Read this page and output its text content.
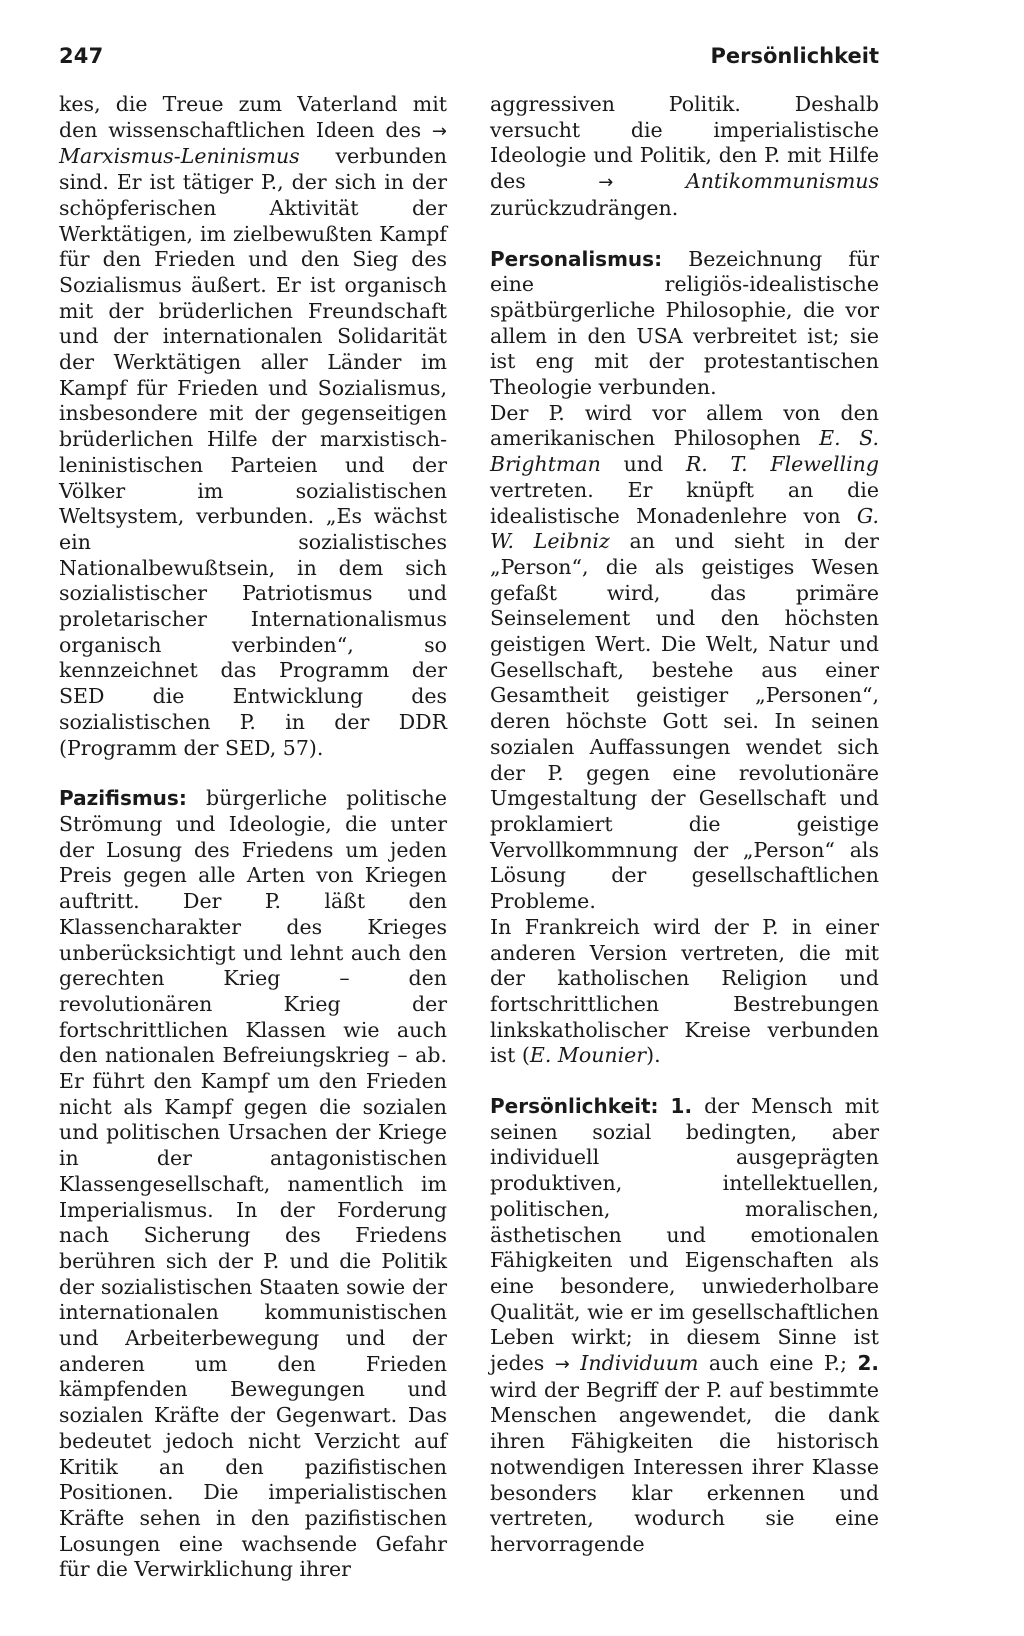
247	Persönlichkeit

kes, die Treue zum Vaterland mit den wissenschaftlichen Ideen des → Marxismus-Leninismus verbunden sind. Er ist tätiger P., der sich in der schöpferischen Aktivität der Werktätigen, im zielbewußten Kampf für den Frieden und den Sieg des Sozialismus äußert. Er ist organisch mit der brüderlichen Freundschaft und der internationalen Solidarität der Werktätigen aller Länder im Kampf für Frieden und Sozialismus, insbesondere mit der gegenseitigen brüderlichen Hilfe der marxistisch-leninistischen Parteien und der Völker im sozialistischen Weltsystem, verbunden. „Es wächst ein sozialistisches Nationalbewußtsein, in dem sich sozialistischer Patriotismus und proletarischer Internationalismus organisch verbinden“, so kennzeichnet das Programm der SED die Entwicklung des sozialistischen P. in der DDR (Programm der SED, 57).

Pazifismus: bürgerliche politische Strömung und Ideologie, die unter der Losung des Friedens um jeden Preis gegen alle Arten von Kriegen auftritt. Der P. läßt den Klassencharakter des Krieges unberücksichtigt und lehnt auch den gerechten Krieg – den revolutionären Krieg der fortschrittlichen Klassen wie auch den nationalen Befreiungskrieg – ab. Er führt den Kampf um den Frieden nicht als Kampf gegen die sozialen und politischen Ursachen der Kriege in der antagonistischen Klassengesellschaft, namentlich im Imperialismus. In der Forderung nach Sicherung des Friedens berühren sich der P. und die Politik der sozialistischen Staaten sowie der internationalen kommunistischen und Arbeiterbewegung und der anderen um den Frieden kämpfenden Bewegungen und sozialen Kräfte der Gegenwart. Das bedeutet jedoch nicht Verzicht auf Kritik an den pazifistischen Positionen. Die imperialistischen Kräfte sehen in den pazifistischen Losungen eine wachsende Gefahr für die Verwirklichung ihrer

aggressiven Politik. Deshalb versucht die imperialistische Ideologie und Politik, den P. mit Hilfe des	→	Antikommunismus zurückzudrängen.

Personalismus: Bezeichnung für eine religiös-idealistische spätbürgerliche Philosophie, die vor allem in den USA verbreitet ist; sie ist eng mit der protestantischen Theologie verbunden.

Der P. wird vor allem von den amerikanischen Philosophen E. S. Brightman und R. T. Flewelling vertreten. Er knüpft an die idealistische Monadenlehre von G. W. Leibniz an und sieht in der „Person“, die als geistiges Wesen gefaßt wird, das primäre Seinselement und den höchsten geistigen Wert. Die Welt, Natur und Gesellschaft, bestehe aus einer Gesamtheit geistiger „Personen“, deren höchste Gott sei. In seinen sozialen Auffassungen wendet sich der P. gegen eine revolutionäre Umgestaltung der Gesellschaft und proklamiert die geistige Vervollkommnung der „Person“ als Lösung der gesellschaftlichen Probleme.

In Frankreich wird der P. in einer anderen Version vertreten, die mit der katholischen Religion und fortschrittlichen Bestrebungen linkskatholischer Kreise verbunden ist (E. Mounier).

Persönlichkeit: 1. der Mensch mit seinen sozial bedingten, aber individuell ausgeprägten produktiven, intellektuellen, politischen, moralischen, ästhetischen und emotionalen Fähigkeiten und Eigenschaften als eine besondere, unwiederholbare Qualität, wie er im gesellschaftlichen Leben wirkt; in diesem Sinne ist jedes → Individuum auch eine P.; 2. wird der Begriff der P. auf bestimmte Menschen angewendet, die dank ihren Fähigkeiten die historisch notwendigen Interessen ihrer Klasse besonders klar erkennen und vertreten, wodurch sie eine hervorragende
